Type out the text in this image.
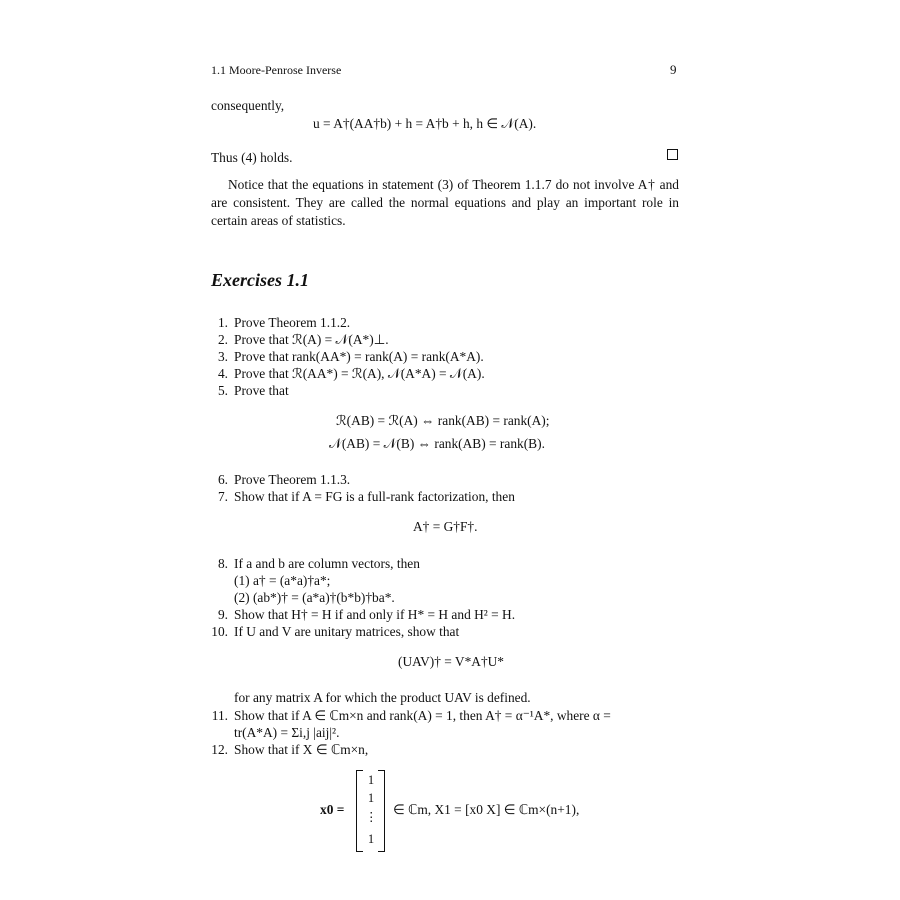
1.1 Moore-Penrose Inverse	9
consequently,
u = A†(AA†b) + h = A†b + h, h ∈ 𝒩(A).
Thus (4) holds.
Notice that the equations in statement (3) of Theorem 1.1.7 do not involve A† and are consistent. They are called the normal equations and play an important role in certain areas of statistics.
Exercises 1.1
1. Prove Theorem 1.1.2.
2. Prove that ℛ(A) = 𝒩(A*)⊥.
3. Prove that rank(AA*) = rank(A) = rank(A*A).
4. Prove that ℛ(AA*) = ℛ(A), 𝒩(A*A) = 𝒩(A).
5. Prove that
ℛ(AB) = ℛ(A) ⇔ rank(AB) = rank(A);
𝒩(AB) = 𝒩(B) ⇔ rank(AB) = rank(B).
6. Prove Theorem 1.1.3.
7. Show that if A = FG is a full-rank factorization, then
A† = G†F†.
8. If a and b are column vectors, then
(1) a† = (a*a)†a*;
(2) (ab*)† = (a*a)†(b*b)†ba*.
9. Show that H† = H if and only if H* = H and H² = H.
10. If U and V are unitary matrices, show that
(UAV)† = V*A†U*
for any matrix A for which the product UAV is defined.
11. Show that if A ∈ ℂm×n and rank(A) = 1, then A† = α⁻¹A*, where α =
tr(A*A) = Σi,j |aij|².
12. Show that if X ∈ ℂm×n,
x0 =
1
1
⋮
1
∈ ℂm, X1 = [x0 X] ∈ ℂm×(n+1),
